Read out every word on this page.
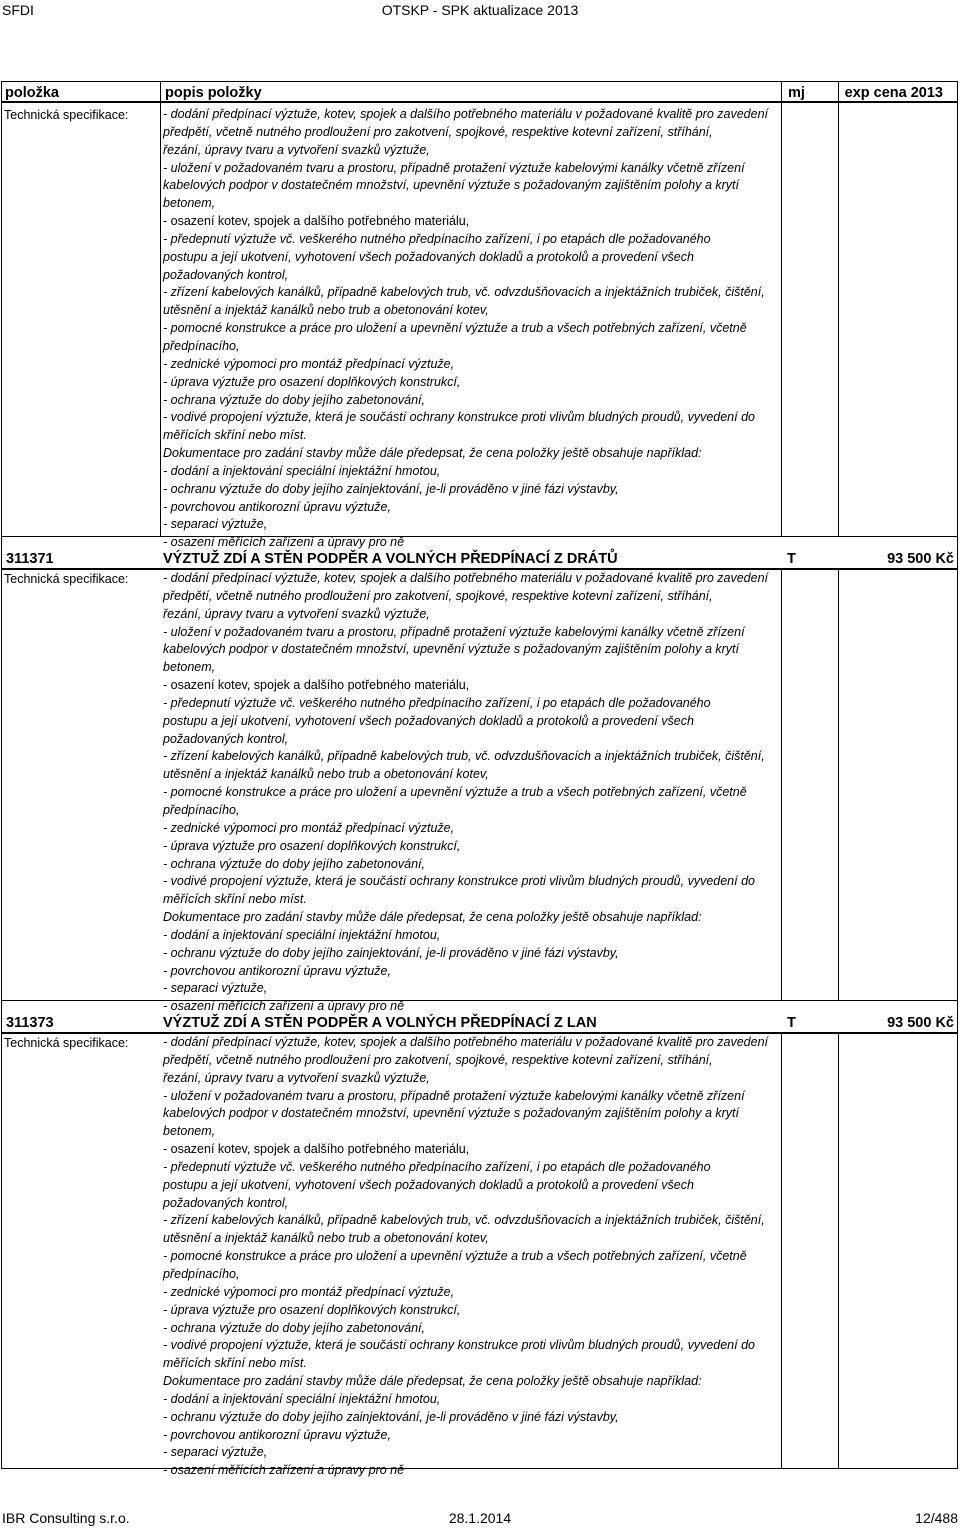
SFDI	OTSKP - SPK aktualizace 2013
položka	popis položky	mj	exp cena 2013
Technická specifikace:	- dodání předpínací výztuže, kotev, spojek a dalšího potřebného materiálu v požadované kvalitě pro zavedení
předpětí, včetně nutného prodloužení pro zakotvení, spojkové, respektive kotevní zařízení, stříhání,
řezání, úpravy tvaru a vytvoření svazků výztuže,
- uložení v požadovaném tvaru a prostoru, případně protažení výztuže kabelovými kanálky včetně zřízení
kabelových podpor v dostatečném množství, upevnění výztuže s požadovaným zajištěním polohy a krytí
betonem,
- osazení kotev, spojek a dalšího potřebného materiálu,
- předepnutí výztuže vč. veškerého nutného předpínacího zařízení, i po etapách dle požadovaného
postupu a její ukotvení, vyhotovení všech požadovaných dokladů a protokolů a provedení všech
požadovaných kontrol,
- zřízení kabelových kanálků, případně kabelových trub, vč. odvzdušňovacích a injektážních trubiček, čištění,
utěsnění a injektáž kanálků nebo trub a obetonování kotev,
- pomocné konstrukce a práce pro uložení a upevnění výztuže a trub a všech potřebných zařízení, včetně
předpínacího,
- zednické výpomoci pro montáž předpínací výztuže,
- úprava výztuže pro osazení doplňkových konstrukcí,
- ochrana výztuže do doby jejího zabetonování,
- vodivé propojení výztuže, která je součástí ochrany konstrukce proti vlivům bludných proudů, vyvedení do
měřících skříní nebo míst.
Dokumentace pro zadání stavby může dále předepsat, že cena položky ještě obsahuje například:
- dodání a injektování speciální injektážní hmotou,
- ochranu výztuže do doby jejího zainjektování, je-li prováděno v jiné fázi výstavby,
- povrchovou antikorozní úpravu výztuže,
- separaci výztuže,
- osazení měřících zařízení a úpravy pro ně
311371	VÝZTUŽ ZDÍ A STĚN PODPĚR A VOLNÝCH PŘEDPÍNACÍ Z DRÁTŮ	T	93 500 Kč
Technická specifikace:	- dodání předpínací výztuže, kotev, spojek a dalšího potřebného materiálu v požadované kvalitě pro zavedení
předpětí, včetně nutného prodloužení pro zakotvení, spojkové, respektive kotevní zařízení, stříhání,
řezání, úpravy tvaru a vytvoření svazků výztuže,
- uložení v požadovaném tvaru a prostoru, případně protažení výztuže kabelovými kanálky včetně zřízení
kabelových podpor v dostatečném množství, upevnění výztuže s požadovaným zajištěním polohy a krytí
betonem,
- osazení kotev, spojek a dalšího potřebného materiálu,
- předepnutí výztuže vč. veškerého nutného předpínacího zařízení, i po etapách dle požadovaného
postupu a její ukotvení, vyhotovení všech požadovaných dokladů a protokolů a provedení všech
požadovaných kontrol,
- zřízení kabelových kanálků, případně kabelových trub, vč. odvzdušňovacích a injektážních trubiček, čištění,
utěsnění a injektáž kanálků nebo trub a obetonování kotev,
- pomocné konstrukce a práce pro uložení a upevnění výztuže a trub a všech potřebných zařízení, včetně
předpínacího,
- zednické výpomoci pro montáž předpínací výztuže,
- úprava výztuže pro osazení doplňkových konstrukcí,
- ochrana výztuže do doby jejího zabetonování,
- vodivé propojení výztuže, která je součástí ochrany konstrukce proti vlivům bludných proudů, vyvedení do
měřících skříní nebo míst.
Dokumentace pro zadání stavby může dále předepsat, že cena položky ještě obsahuje například:
- dodání a injektování speciální injektážní hmotou,
- ochranu výztuže do doby jejího zainjektování, je-li prováděno v jiné fázi výstavby,
- povrchovou antikorozní úpravu výztuže,
- separaci výztuže,
- osazení měřících zařízení a úpravy pro ně
311373	VÝZTUŽ ZDÍ A STĚN PODPĚR A VOLNÝCH PŘEDPÍNACÍ Z LAN	T	93 500 Kč
Technická specifikace:	- dodání předpínací výztuže, kotev, spojek a dalšího potřebného materiálu v požadované kvalitě pro zavedení
předpětí, včetně nutného prodloužení pro zakotvení, spojkové, respektive kotevní zařízení, stříhání,
řezání, úpravy tvaru a vytvoření svazků výztuže,
- uložení v požadovaném tvaru a prostoru, případně protažení výztuže kabelovými kanálky včetně zřízení
kabelových podpor v dostatečném množství, upevnění výztuže s požadovaným zajištěním polohy a krytí
betonem,
- osazení kotev, spojek a dalšího potřebného materiálu,
- předepnutí výztuže vč. veškerého nutného předpínacího zařízení, i po etapách dle požadovaného
postupu a její ukotvení, vyhotovení všech požadovaných dokladů a protokolů a provedení všech
požadovaných kontrol,
- zřízení kabelových kanálků, případně kabelových trub, vč. odvzdušňovacích a injektážních trubiček, čištění,
utěsnění a injektáž kanálků nebo trub a obetonování kotev,
- pomocné konstrukce a práce pro uložení a upevnění výztuže a trub a všech potřebných zařízení, včetně
předpínacího,
- zednické výpomoci pro montáž předpínací výztuže,
- úprava výztuže pro osazení doplňkových konstrukcí,
- ochrana výztuže do doby jejího zabetonování,
- vodivé propojení výztuže, která je součástí ochrany konstrukce proti vlivům bludných proudů, vyvedení do
měřících skříní nebo míst.
Dokumentace pro zadání stavby může dále předepsat, že cena položky ještě obsahuje například:
- dodání a injektování speciální injektážní hmotou,
- ochranu výztuže do doby jejího zainjektování, je-li prováděno v jiné fázi výstavby,
- povrchovou antikorozní úpravu výztuže,
- separaci výztuže,
- osazení měřících zařízení a úpravy pro ně
IBR Consulting s.r.o.	28.1.2014	12/488
